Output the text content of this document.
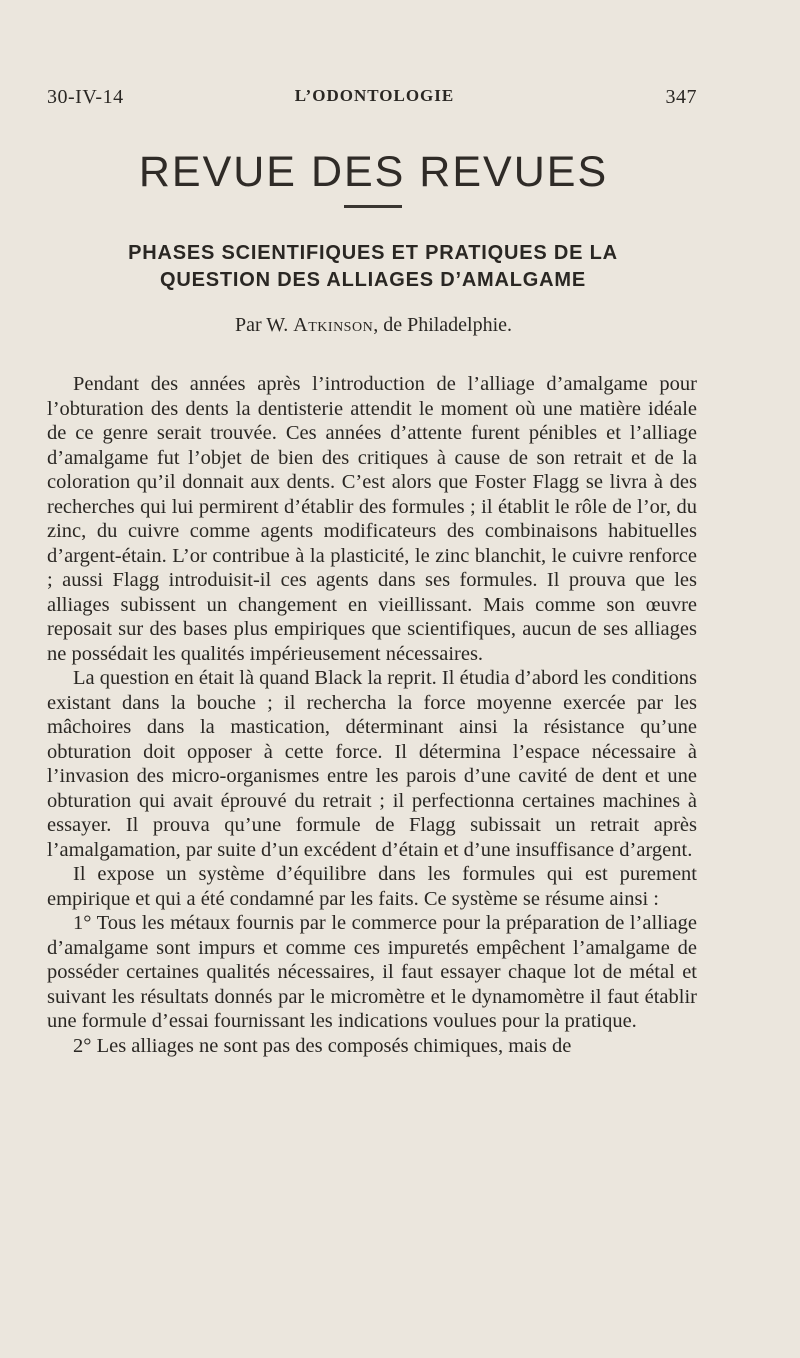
30-IV-14	L’ODONTOLOGIE	347
REVUE DES REVUES
PHASES SCIENTIFIQUES ET PRATIQUES DE LA
QUESTION DES ALLIAGES D’AMALGAME
Par W. Atkinson, de Philadelphie.

Pendant des années après l’introduction de l’alliage d’amalgame pour l’obturation des dents la dentisterie attendit le moment où une matière idéale de ce genre serait trouvée. Ces années d’attente furent pénibles et l’alliage d’amalgame fut l’objet de bien des critiques à cause de son retrait et de la coloration qu’il donnait aux dents. C’est alors que Foster Flagg se livra à des recherches qui lui permirent d’établir des formules ; il établit le rôle de l’or, du zinc, du cuivre comme agents modificateurs des combinaisons habituelles d’argent-étain. L’or contribue à la plasticité, le zinc blanchit, le cuivre renforce ; aussi Flagg introduisit-il ces agents dans ses formules. Il prouva que les alliages subissent un changement en vieillissant. Mais comme son œuvre reposait sur des bases plus empiriques que scientifiques, aucun de ses alliages ne possédait les qualités impérieusement nécessaires.

La question en était là quand Black la reprit. Il étudia d’abord les conditions existant dans la bouche ; il rechercha la force moyenne exercée par les mâchoires dans la mastication, déterminant ainsi la résistance qu’une obturation doit opposer à cette force. Il détermina l’espace nécessaire à l’invasion des micro-organismes entre les parois d’une cavité de dent et une obturation qui avait éprouvé du retrait ; il perfectionna certaines machines à essayer. Il prouva qu’une formule de Flagg subissait un retrait après l’amalgamation, par suite d’un excédent d’étain et d’une insuffisance d’argent.

Il expose un système d’équilibre dans les formules qui est purement empirique et qui a été condamné par les faits. Ce système se résume ainsi :

1° Tous les métaux fournis par le commerce pour la préparation de l’alliage d’amalgame sont impurs et comme ces impuretés empêchent l’amalgame de posséder certaines qualités nécessaires, il faut essayer chaque lot de métal et suivant les résultats donnés par le micromètre et le dynamomètre il faut établir une formule d’essai fournissant les indications voulues pour la pratique.

2° Les alliages ne sont pas des composés chimiques, mais de
